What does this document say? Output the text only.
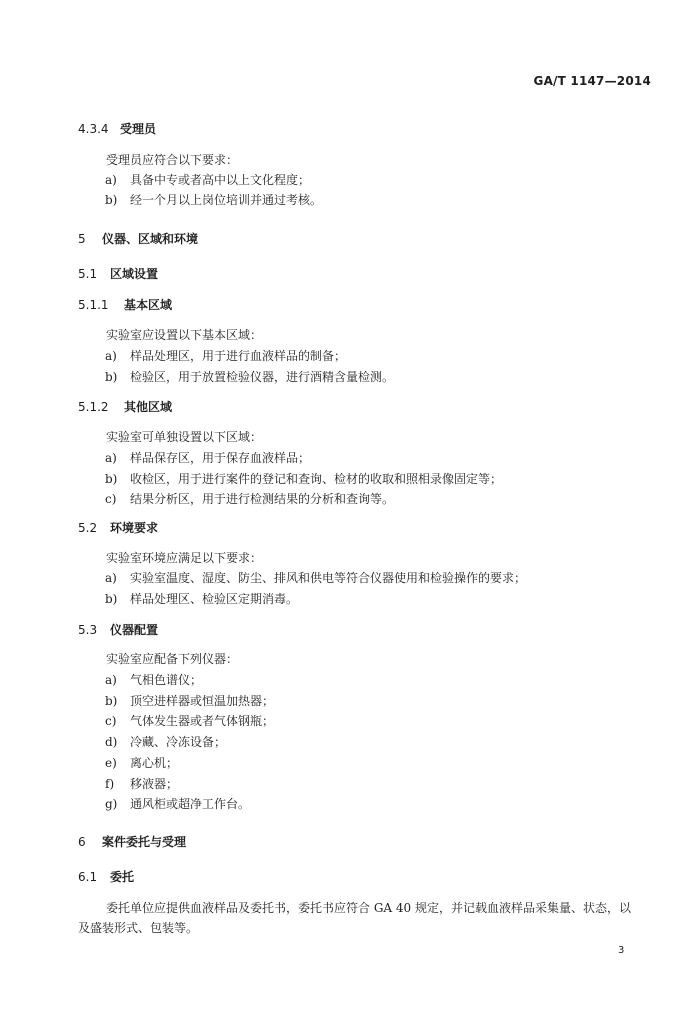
GA/T 1147—2014
4.3.4 受理员
受理员应符合以下要求：
a) 具备中专或者高中以上文化程度；
b) 经一个月以上岗位培训并通过考核。
5 仪器、区域和环境
5.1 区域设置
5.1.1 基本区域
实验室应设置以下基本区域：
a) 样品处理区，用于进行血液样品的制备；
b) 检验区，用于放置检验仪器，进行酒精含量检测。
5.1.2 其他区域
实验室可单独设置以下区域：
a) 样品保存区，用于保存血液样品；
b) 收检区，用于进行案件的登记和查询、检材的收取和照相录像固定等；
c) 结果分析区，用于进行检测结果的分析和查询等。
5.2 环境要求
实验室环境应满足以下要求：
a) 实验室温度、湿度、防尘、排风和供电等符合仪器使用和检验操作的要求；
b) 样品处理区、检验区定期消毒。
5.3 仪器配置
实验室应配备下列仪器：
a) 气相色谱仪；
b) 顶空进样器或恒温加热器；
c) 气体发生器或者气体钢瓶；
d) 冷藏、冷冻设备；
e) 离心机；
f) 移液器；
g) 通风柜或超净工作台。
6 案件委托与受理
6.1 委托
委托单位应提供血液样品及委托书，委托书应符合 GA 40 规定，并记载血液样品采集量、状态，以
及盛装形式、包装等。
3
